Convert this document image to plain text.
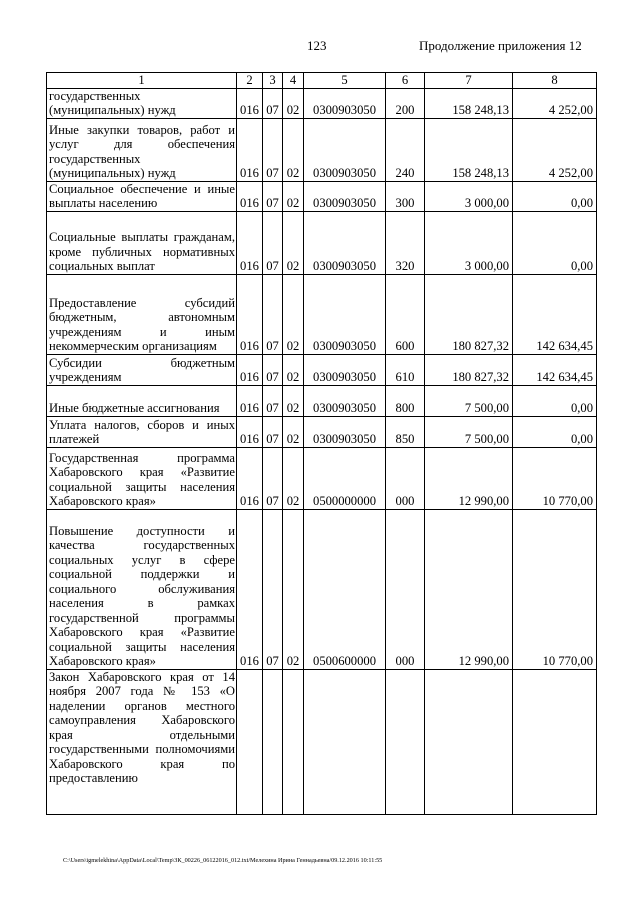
123	Продолжение приложения 12
1	2	3	4	5	6	7	8
государственных (муниципальных) нужд	016	07	02	0300903050	200	158 248,13	4 252,00
Иные закупки товаров, работ и услуг для обеспечения государственных (муниципальных) нужд	016	07	02	0300903050	240	158 248,13	4 252,00
Социальное обеспечение и иные выплаты населению	016	07	02	0300903050	300	3 000,00	0,00
Социальные выплаты гражданам, кроме публичных нормативных социальных выплат	016	07	02	0300903050	320	3 000,00	0,00
Предоставление субсидий бюджетным, автономным учреждениям и иным некоммерческим организациям	016	07	02	0300903050	600	180 827,32	142 634,45
Субсидии бюджетным учреждениям	016	07	02	0300903050	610	180 827,32	142 634,45
Иные бюджетные ассигнования	016	07	02	0300903050	800	7 500,00	0,00
Уплата налогов, сборов и иных платежей	016	07	02	0300903050	850	7 500,00	0,00
Государственная программа Хабаровского края «Развитие социальной защиты населения Хабаровского края»	016	07	02	0500000000	000	12 990,00	10 770,00
Повышение доступности и качества государственных социальных услуг в сфере социальной поддержки и социального обслуживания населения в рамках государственной программы Хабаровского края «Развитие социальной защиты населения Хабаровского края»	016	07	02	0500600000	000	12 990,00	10 770,00
Закон Хабаровского края от 14 ноября 2007 года № 153 «О наделении органов местного самоуправления Хабаровского края отдельными государственными полномочиями Хабаровского края по предоставлению							
C:\Users\igmelekhina\AppData\Local\Temp\ЗК_00226_06122016_012.txt/Мелехина Ирина Геннадьевна/09.12.2016 10:11:55
